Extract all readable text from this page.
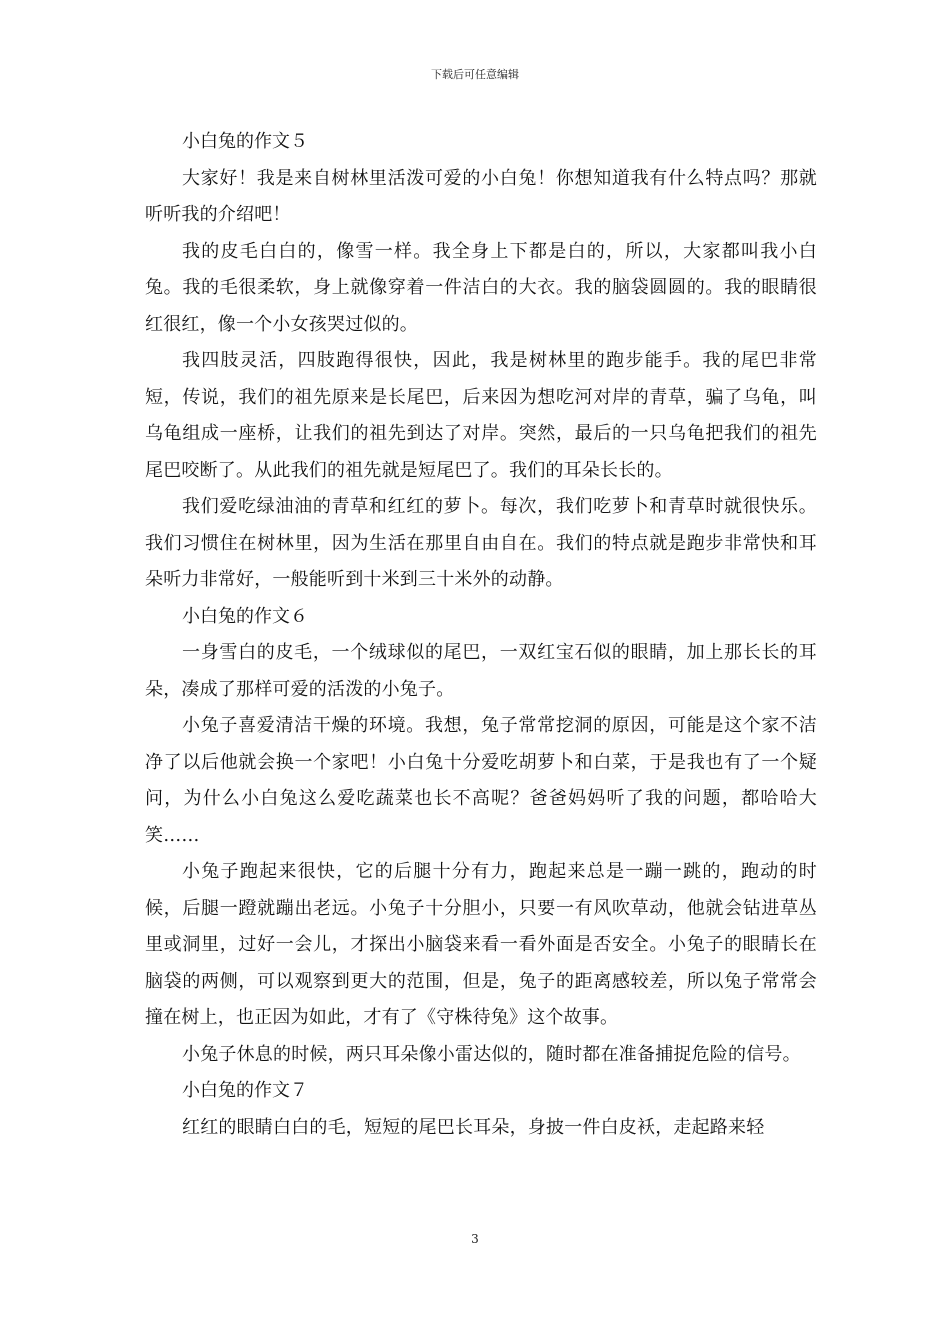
下载后可任意编辑

小白兔的作文５

大家好！我是来自树林里活泼可爱的小白兔！你想知道我有什么特点吗？那就听听我的介绍吧！

我的皮毛白白的，像雪一样。我全身上下都是白的，所以，大家都叫我小白兔。我的毛很柔软，身上就像穿着一件洁白的大衣。我的脑袋圆圆的。我的眼睛很红很红，像一个小女孩哭过似的。

我四肢灵活，四肢跑得很快，因此，我是树林里的跑步能手。我的尾巴非常短，传说，我们的祖先原来是长尾巴，后来因为想吃河对岸的青草，骗了乌龟，叫乌龟组成一座桥，让我们的祖先到达了对岸。突然，最后的一只乌龟把我们的祖先尾巴咬断了。从此我们的祖先就是短尾巴了。我们的耳朵长长的。

我们爱吃绿油油的青草和红红的萝卜。每次，我们吃萝卜和青草时就很快乐。我们习惯住在树林里，因为生活在那里自由自在。我们的特点就是跑步非常快和耳朵听力非常好，一般能听到十米到三十米外的动静。

小白兔的作文６

一身雪白的皮毛，一个绒球似的尾巴，一双红宝石似的眼睛，加上那长长的耳朵，凑成了那样可爱的活泼的小兔子。

小兔子喜爱清洁干燥的环境。我想，兔子常常挖洞的原因，可能是这个家不洁净了以后他就会换一个家吧！小白兔十分爱吃胡萝卜和白菜，于是我也有了一个疑问，为什么小白兔这么爱吃蔬菜也长不高呢？爸爸妈妈听了我的问题，都哈哈大笑……

小兔子跑起来很快，它的后腿十分有力，跑起来总是一蹦一跳的，跑动的时候，后腿一蹬就蹦出老远。小兔子十分胆小，只要一有风吹草动，他就会钻进草丛里或洞里，过好一会儿，才探出小脑袋来看一看外面是否安全。小兔子的眼睛长在脑袋的两侧，可以观察到更大的范围，但是，兔子的距离感较差，所以兔子常常会撞在树上，也正因为如此，才有了《守株待兔》这个故事。

小兔子休息的时候，两只耳朵像小雷达似的，随时都在准备捕捉危险的信号。

小白兔的作文７

红红的眼睛白白的毛，短短的尾巴长耳朵，身披一件白皮袄，走起路来轻

3
